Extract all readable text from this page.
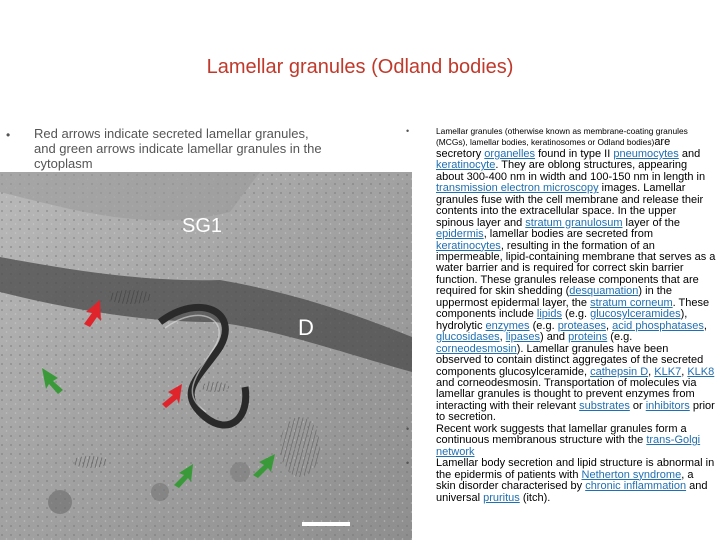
Lamellar granules (Odland bodies)
• Red arrows indicate secreted lamellar granules, and green arrows indicate lamellar granules in the cytoplasm
SG1
D
•	Lamellar granules (otherwise known as membrane-coating granules (MCGs), lamellar bodies, keratinosomes or Odland bodies)are secretory organelles found in type II pneumocytes and keratinocyte. They are oblong structures, appearing about 300-400 nm in width and 100-150 nm in length in transmission electron microscopy images. Lamellar granules fuse with the cell membrane and release their contents into the extracellular space. In the upper spinous layer and stratum granulosum layer of the epidermis, lamellar bodies are secreted from keratinocytes, resulting in the formation of an impermeable, lipid-containing membrane that serves as a water barrier and is required for correct skin barrier function. These granules release components that are required for skin shedding (desquamation) in the uppermost epidermal layer, the stratum corneum. These components include lipids (e.g. glucosylceramides), hydrolytic enzymes (e.g. proteases, acid phosphatases, glucosidases, lipases) and proteins (e.g. corneodesmosin). Lamellar granules have been observed to contain distinct aggregates of the secreted components glucosylceramide, cathepsin D, KLK7, KLK8 and corneodesmosin. Transportation of molecules via lamellar granules is thought to prevent enzymes from interacting with their relevant substrates or inhibitors prior to secretion.
•	Recent work suggests that lamellar granules form a continuous membranous structure with the trans-Golgi network
•	Lamellar body secretion and lipid structure is abnormal in the epidermis of patients with Netherton syndrome, a skin disorder characterised by chronic inflammation and universal pruritus (itch).
